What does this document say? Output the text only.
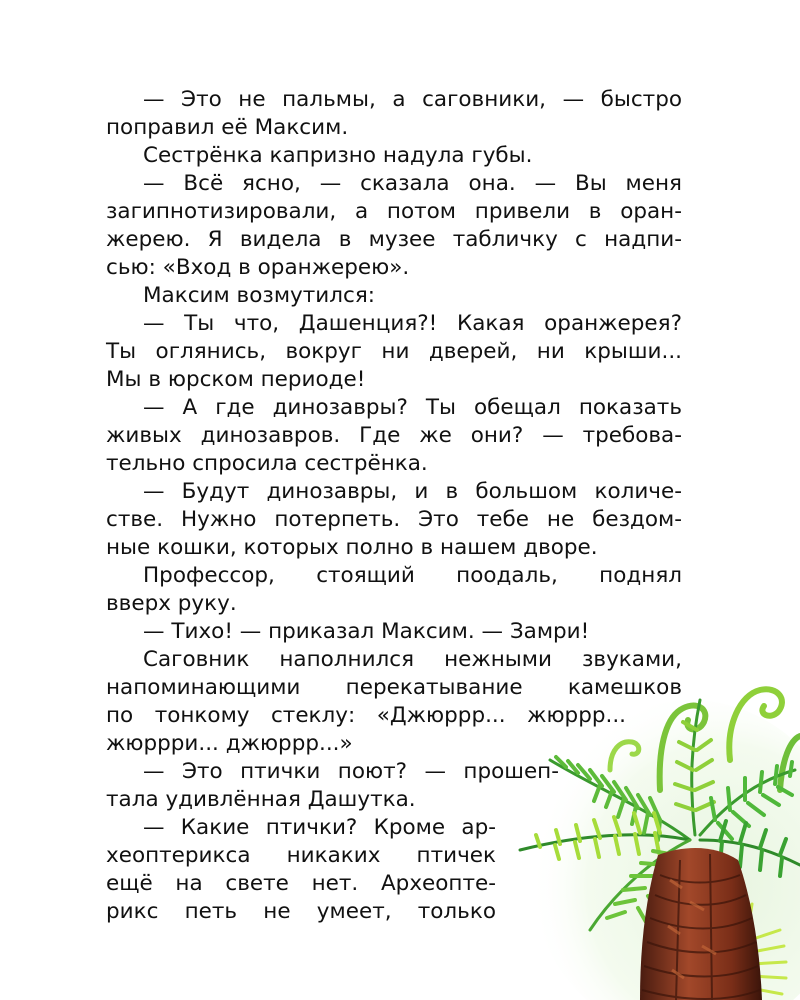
— Это не пальмы, а саговники, — быстро
поправил её Максим.
Сестрёнка капризно надула губы.
— Всё ясно, — сказала она. — Вы меня
загипнотизировали, а потом привели в оран-
жерею. Я видела в музее табличку с надпи-
сью: «Вход в оранжерею».
Максим возмутился:
— Ты что, Дашенция?! Какая оранжерея?
Ты оглянись, вокруг ни дверей, ни крыши...
Мы в юрском периоде!
— А где динозавры? Ты обещал показать
живых динозавров. Где же они? — требова-
тельно спросила сестрёнка.
— Будут динозавры, и в большом количе-
стве. Нужно потерпеть. Это тебе не бездом-
ные кошки, которых полно в нашем дворе.
Профессор, стоящий поодаль, поднял
вверх руку.
— Тихо! — приказал Максим. — Замри!
Саговник наполнился нежными звуками,
напоминающими перекатывание камешков
по тонкому стеклу: «Джюррр... жюррр...
жюррри... джюррр...»
— Это птички поют? — прошеп-
тала удивлённая Дашутка.
— Какие птички? Кроме ар-
хеоптерикса никаких птичек
ещё на свете нет. Археопте-
рикс петь не умеет, только
